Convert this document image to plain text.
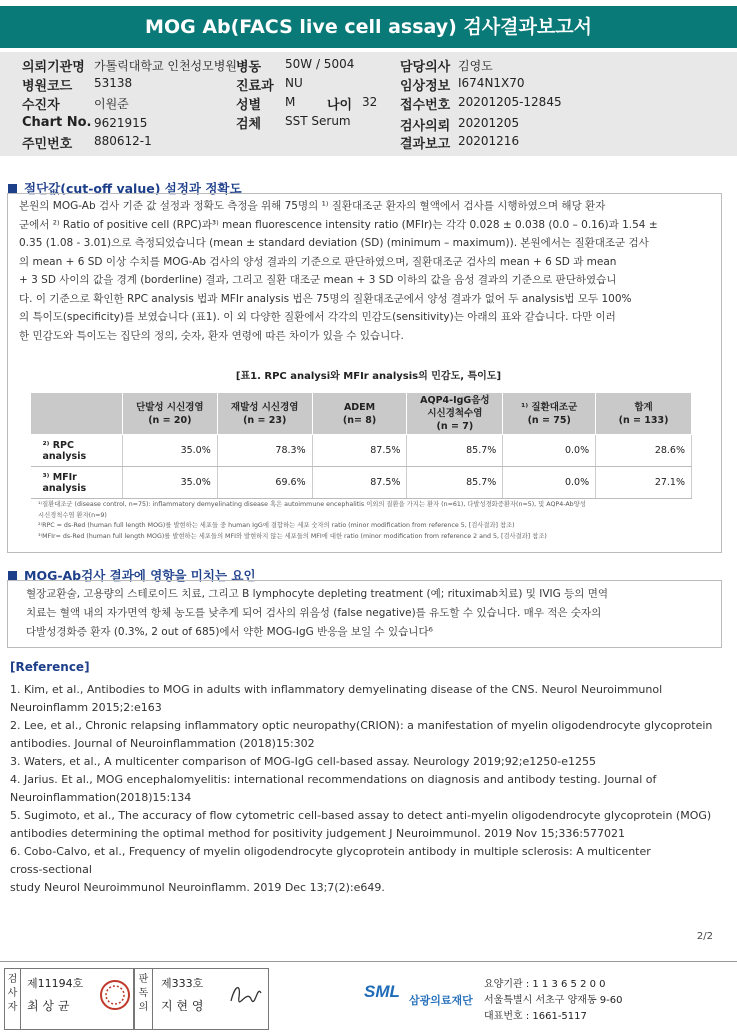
MOG Ab(FACS live cell assay) 검사결과보고서
의뢰기관명 가톨릭대학교 인천성모병원 병동 50W / 5004	담당의사 김영도
병원코드 53138	진료과 NU	임상정보 I674N1X70
수진자	이원준	성별 M 나이 32 접수번호 20201205-12845
Chart No. 9621915	검체 SST Serum	검사의뢰 20201205
주민번호 880612-1	결과보고 20201216
절단값(cut-off value) 설정과 정확도

본원의 MOG-Ab 검사 기준 값 설정과 정확도 측정을 위해 75명의 ¹⁾ 질환대조군 환자의 혈액에서 검사를 시행하였으며 해당 환자

군에서 ²⁾ Ratio of positive cell (RPC)과³⁾ mean fluorescence intensity ratio (MFIr)는 각각 0.028 ± 0.038 (0.0 – 0.16)과 1.54 ±

0.35 (1.08 - 3.01)으로 측정되었습니다 (mean ± standard deviation (SD) (minimum – maximum)). 본원에서는 질환대조군 검사

의 mean + 6 SD 이상 수치를 MOG-Ab 검사의 양성 결과의 기준으로 판단하였으며, 질환대조군 검사의 mean + 6 SD 과 mean

+ 3 SD 사이의 값을 경계 (borderline) 결과, 그리고 질환 대조군 mean + 3 SD 이하의 값을 음성 결과의 기준으로 판단하였습니

다. 이 기준으로 확인한 RPC analysis 법과 MFIr analysis 법은 75명의 질환대조군에서 양성 결과가 없어 두 analysis법 모두 100%

의 특이도(specificity)를 보였습니다 (표1). 이 외 다양한 질환에서 각각의 민감도(sensitivity)는 아래의 표와 같습니다. 다만 이러

한 민감도와 특이도는 집단의 정의, 숫자, 환자 연령에 따른 차이가 있을 수 있습니다.

[표1. RPC analysi와 MFIr analysis의 민감도, 특이도]
	단발성 시신경염
(n = 20)	재발성 시신경염
(n = 23)	ADEM
(n= 8)	AQP4-IgG음성
시신경척수염
(n = 7)	¹⁾ 질환대조군
(n = 75)	합계
(n = 133)
²⁾ RPC analysis	35.0%	78.3%	87.5%	85.7%	0.0%	28.6%
³⁾ MFIr analysis	35.0%	69.6%	87.5%	85.7%	0.0%	27.1%

¹⁾질환대조군 (disease control, n=75): inflammatory demyelinating disease 혹은 autoimmune encephalitis 이외의 질환을 가지는 환자 (n=61), 다발성경화증환자(n=5), 및 AQP4-Ab양성

시신경척수염 환자(n=9)

²⁾RPC = ds-Red (human full length MOG)를 발현하는 세포들 중 human IgG에 결합하는 세포 숫자의 ratio (minor modification from reference 5, [검사결과] 참조)

³⁾MFIr= ds-Red (human full length MOG)를 발현하는 세포들의 MFI와 발현하지 않는 세포들의 MFI에 대한 ratio (minor modification from reference 2 and 5, [검사결과] 참조)

MOG-Ab검사 결과에 영향을 미치는 요인

혈장교환술, 고용량의 스테로이드 치료, 그리고 B lymphocyte depleting treatment (예; rituximab치료) 및 IVIG 등의 면역

치료는 혈액 내의 자가면역 항체 농도를 낮추게 되어 검사의 위음성 (false negative)를 유도할 수 있습니다. 매우 적은 숫자의

다발성경화증 환자 (0.3%, 2 out of 685)에서 약한 MOG-IgG 반응을 보일 수 있습니다⁶

[Reference]

1. Kim, et al., Antibodies to MOG in adults with inflammatory demyelinating disease of the CNS. Neurol Neuroimmunol

Neuroinflamm 2015;2:e163

2. Lee, et al., Chronic relapsing inflammatory optic neuropathy(CRION): a manifestation of myelin oligodendrocyte glycoprotein

antibodies. Journal of Neuroinflammation (2018)15:302

3. Waters, et al., A multicenter comparison of MOG-IgG cell-based assay. Neurology 2019;92;e1250-e1255

4. Jarius. Et al., MOG encephalomyelitis: international recommendations on diagnosis and antibody testing. Journal of

Neuroinflammation(2018)15:134

5. Sugimoto, et al., The accuracy of flow cytometric cell-based assay to detect anti-myelin oligodendrocyte glycoprotein (MOG)

antibodies determining the optimal method for positivity judgement J Neuroimmunol. 2019 Nov 15;336:577021

6. Cobo-Calvo, et al., Frequency of myelin oligodendrocyte glycoprotein antibody in multiple sclerosis: A multicenter

cross-sectional

study Neurol Neuroimmunol Neuroinflamm. 2019 Dec 13;7(2):e649.

2/2
검사자
제11194호
최 상 균
판독의
제333호
지 현 영
SML 삼광의료재단
요양기관 : 1 1 3 6 5 2 0 0
서울특별시 서초구 양재동 9-60
대표번호 : 1661-5117
